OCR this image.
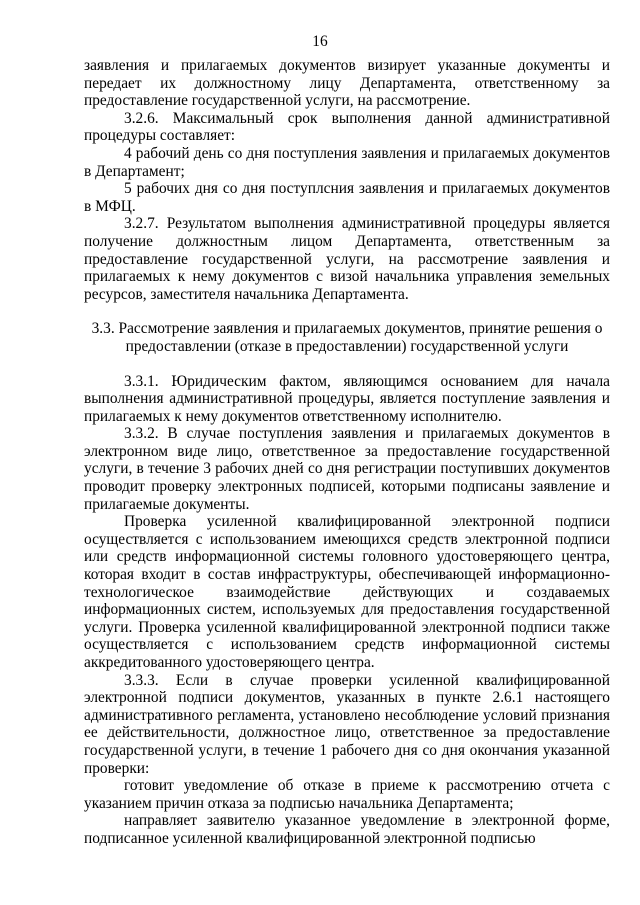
16

заявления и прилагаемых документов визирует указанные документы и передает их должностному лицу Департамента, ответственному за предоставление государственной услуги, на рассмотрение.

3.2.6. Максимальный срок выполнения данной административной процедуры составляет:

4 рабочий день со дня поступления заявления и прилагаемых документов в Департамент;

5 рабочих дня со дня поступлсния заявления и прилагаемых документов в МФЦ.

3.2.7. Результатом выполнения административной процедуры является получение должностным лицом Департамента, ответственным за предоставление государственной услуги, на рассмотрение заявления и прилагаемых к нему документов с визой начальника управления земельных ресурсов, заместителя начальника Департамента.

3.3. Рассмотрение заявления и прилагаемых документов, принятие решения о
предоставлении (отказе в предоставлении) государственной услуги

3.3.1. Юридическим фактом, являющимся основанием для начала выполнения административной процедуры, является поступление заявления и прилагаемых к нему документов ответственному исполнителю.

3.3.2. В случае поступления заявления и прилагаемых документов в электронном виде лицо, ответственное за предоставление государственной услуги, в течение 3 рабочих дней со дня регистрации поступивших документов проводит проверку электронных подписей, которыми подписаны заявление и прилагаемые документы.

Проверка усиленной квалифицированной электронной подписи осуществляется с использованием имеющихся средств электронной подписи или средств информационной системы головного удостоверяющего центра, которая входит в состав инфраструктуры, обеспечивающей информационно-технологическое взаимодействие действующих и создаваемых информационных систем, используемых для предоставления государственной услуги. Проверка усиленной квалифицированной электронной подписи также осуществляется с использованием средств информационной системы аккредитованного удостоверяющего центра.

3.3.3. Если в случае проверки усиленной квалифицированной электронной подписи документов, указанных в пункте 2.6.1 настоящего административного регламента, установлено несоблюдение условий признания ее действительности, должностное лицо, ответственное за предоставление государственной услуги, в течение 1 рабочего дня со дня окончания указанной проверки:

готовит уведомление об отказе в приеме к рассмотрению отчета с указанием причин отказа за подписью начальника Департамента;

направляет заявителю указанное уведомление в электронной форме, подписанное усиленной квалифицированной электронной подписью
